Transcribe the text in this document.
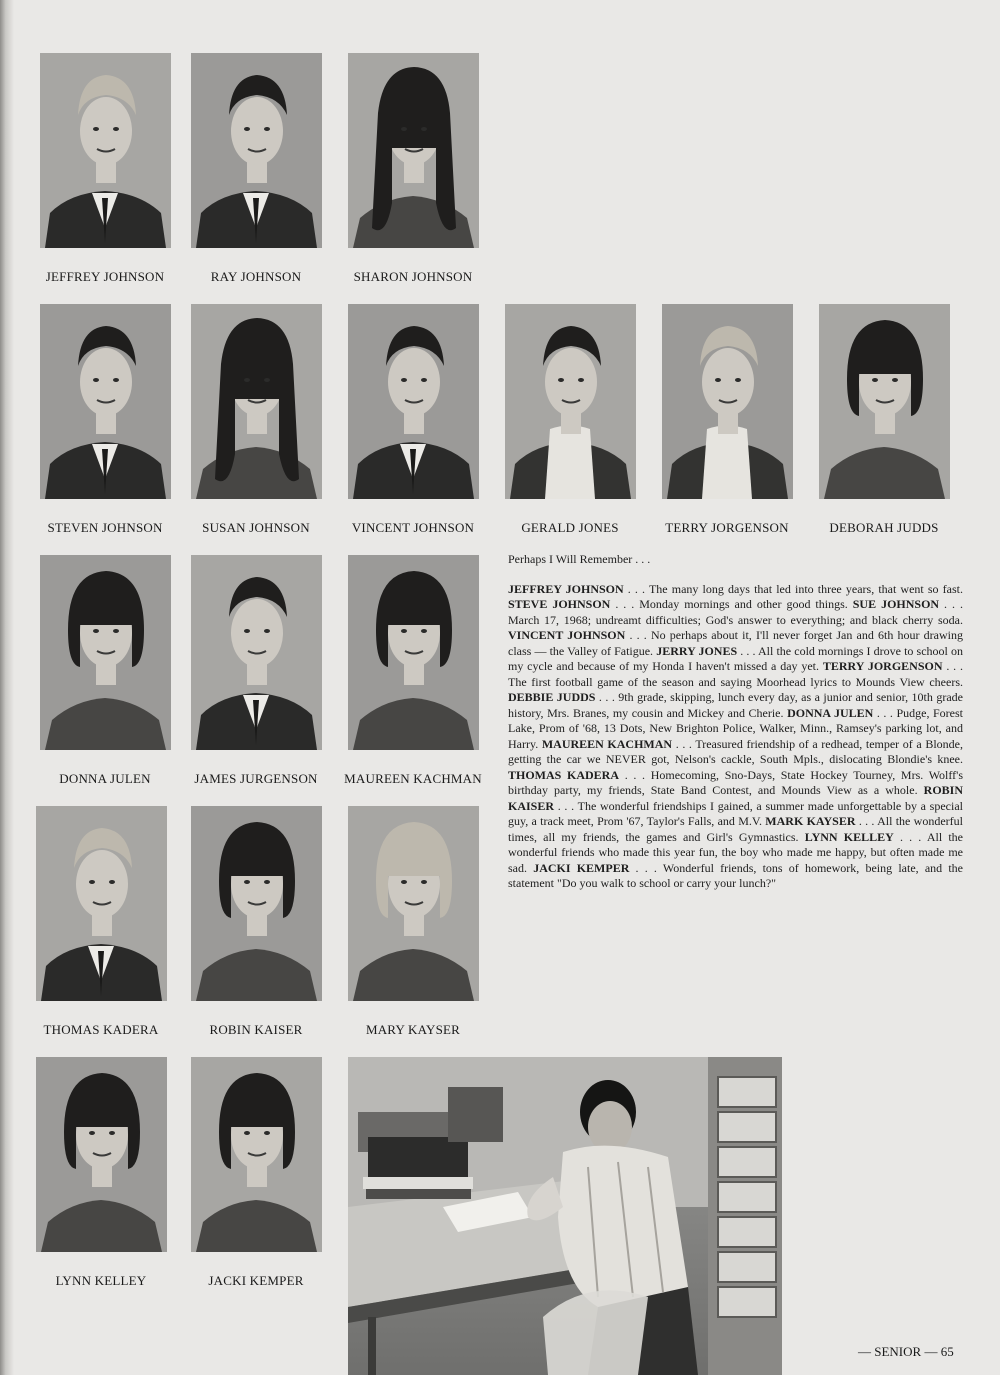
JEFFREY JOHNSON	RAY JOHNSON	SHARON JOHNSON
STEVEN JOHNSON	SUSAN JOHNSON	VINCENT JOHNSON	GERALD JONES	TERRY JORGENSON	DEBORAH JUDDS
DONNA JULEN	JAMES JURGENSON	MAUREEN KACHMAN
THOMAS KADERA	ROBIN KAISER	MARY KAYSER
LYNN KELLEY	JACKI KEMPER

Perhaps I Will Remember . . .

JEFFREY JOHNSON . . . The many long days that led into three years, that went so fast. STEVE JOHNSON . . . Monday mornings and other good things. SUE JOHNSON . . . March 17, 1968; undreamt difficulties; God's answer to everything; and black cherry soda. VINCENT JOHNSON . . . No perhaps about it, I'll never forget Jan and 6th hour drawing class — the Valley of Fatigue. JERRY JONES . . . All the cold mornings I drove to school on my cycle and because of my Honda I haven't missed a day yet. TERRY JORGENSON . . . The first football game of the season and saying Moorhead lyrics to Mounds View cheers. DEBBIE JUDDS . . . 9th grade, skipping, lunch every day, as a junior and senior, 10th grade history, Mrs. Branes, my cousin and Mickey and Cherie. DONNA JULEN . . . Pudge, Forest Lake, Prom of '68, 13 Dots, New Brighton Police, Walker, Minn., Ramsey's parking lot, and Harry. MAUREEN KACHMAN . . . Treasured friendship of a redhead, temper of a Blonde, getting the car we NEVER got, Nelson's cackle, South Mpls., dislocating Blondie's knee. THOMAS KADERA . . . Homecoming, Sno-Days, State Hockey Tourney, Mrs. Wolff's birthday party, my friends, State Band Contest, and Mounds View as a whole. ROBIN KAISER . . . The wonderful friendships I gained, a summer made unforgettable by a special guy, a track meet, Prom '67, Taylor's Falls, and M.V. MARK KAYSER . . . All the wonderful times, all my friends, the games and Girl's Gymnastics. LYNN KELLEY . . . All the wonderful friends who made this year fun, the boy who made me happy, but often made me sad. JACKI KEMPER . . . Wonderful friends, tons of homework, being late, and the statement "Do you walk to school or carry your lunch?"

— SENIOR — 65
